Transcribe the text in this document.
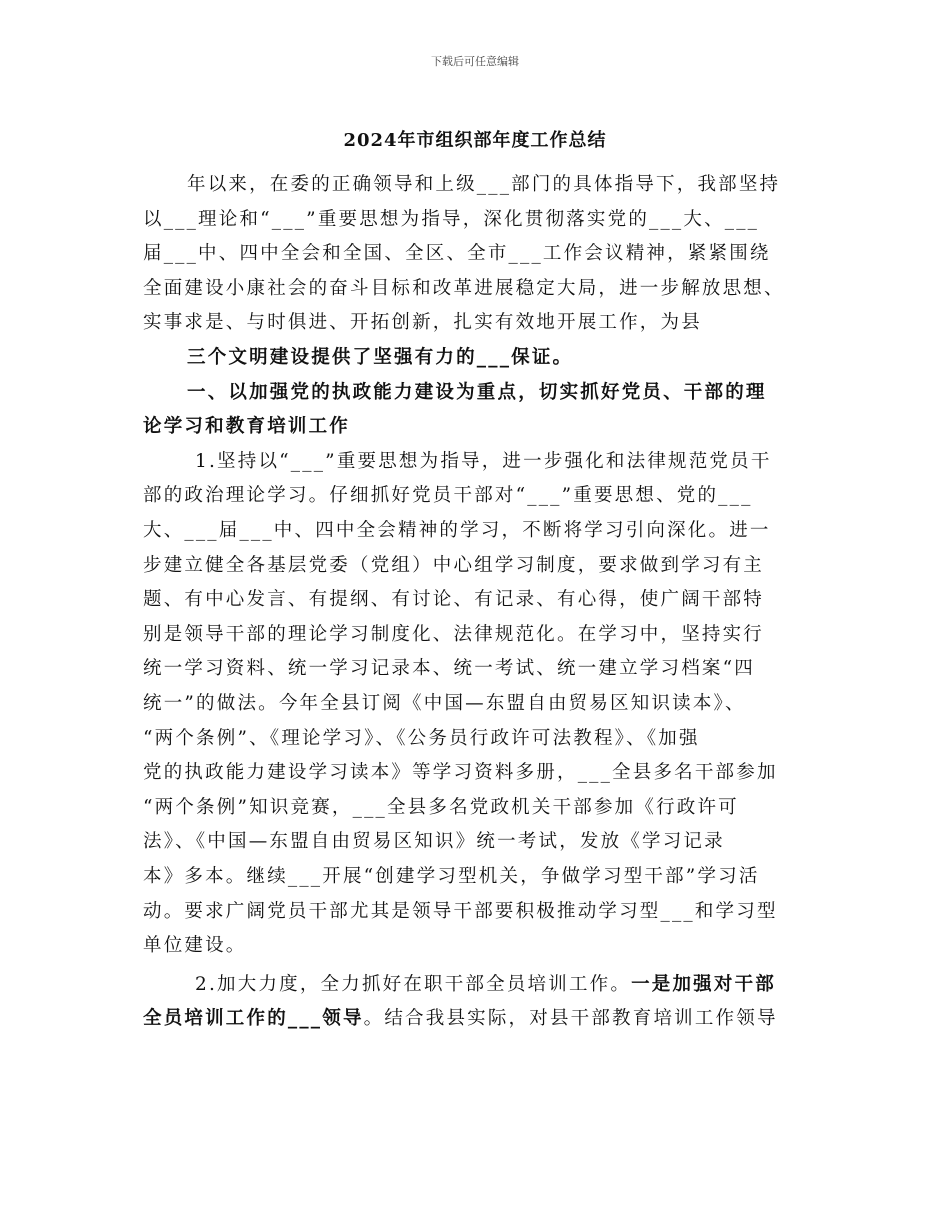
下载后可任意编辑
2024年市组织部年度工作总结
年以来，在委的正确领导和上级___部门的具体指导下，我部坚持
以___理论和“___”重要思想为指导，深化贯彻落实党的___大、___
届___中、四中全会和全国、全区、全市___工作会议精神，紧紧围绕
全面建设小康社会的奋斗目标和改革进展稳定大局，进一步解放思想、
实事求是、与时俱进、开拓创新，扎实有效地开展工作，为县
三个文明建设提供了坚强有力的___保证。
一、以加强党的执政能力建设为重点，切实抓好党员、干部的理
论学习和教育培训工作
1.坚持以“___”重要思想为指导，进一步强化和法律规范党员干
部的政治理论学习。仔细抓好党员干部对“___”重要思想、党的___
大、___届___中、四中全会精神的学习，不断将学习引向深化。进一
步建立健全各基层党委（党组）中心组学习制度，要求做到学习有主
题、有中心发言、有提纲、有讨论、有记录、有心得，使广阔干部特
别是领导干部的理论学习制度化、法律规范化。在学习中，坚持实行
统一学习资料、统一学习记录本、统一考试、统一建立学习档案“四
统一”的做法。今年全县订阅《中国—东盟自由贸易区知识读本》、
“两个条例”、《理论学习》、《公务员行政许可法教程》、《加强
党的执政能力建设学习读本》等学习资料多册，___全县多名干部参加
“两个条例”知识竞赛，___全县多名党政机关干部参加《行政许可
法》、《中国—东盟自由贸易区知识》统一考试，发放《学习记录
本》多本。继续___开展“创建学习型机关，争做学习型干部”学习活
动。要求广阔党员干部尤其是领导干部要积极推动学习型___和学习型
单位建设。
2.加大力度，全力抓好在职干部全员培训工作。一是加强对干部
全员培训工作的___领导。结合我县实际，对县干部教育培训工作领导
